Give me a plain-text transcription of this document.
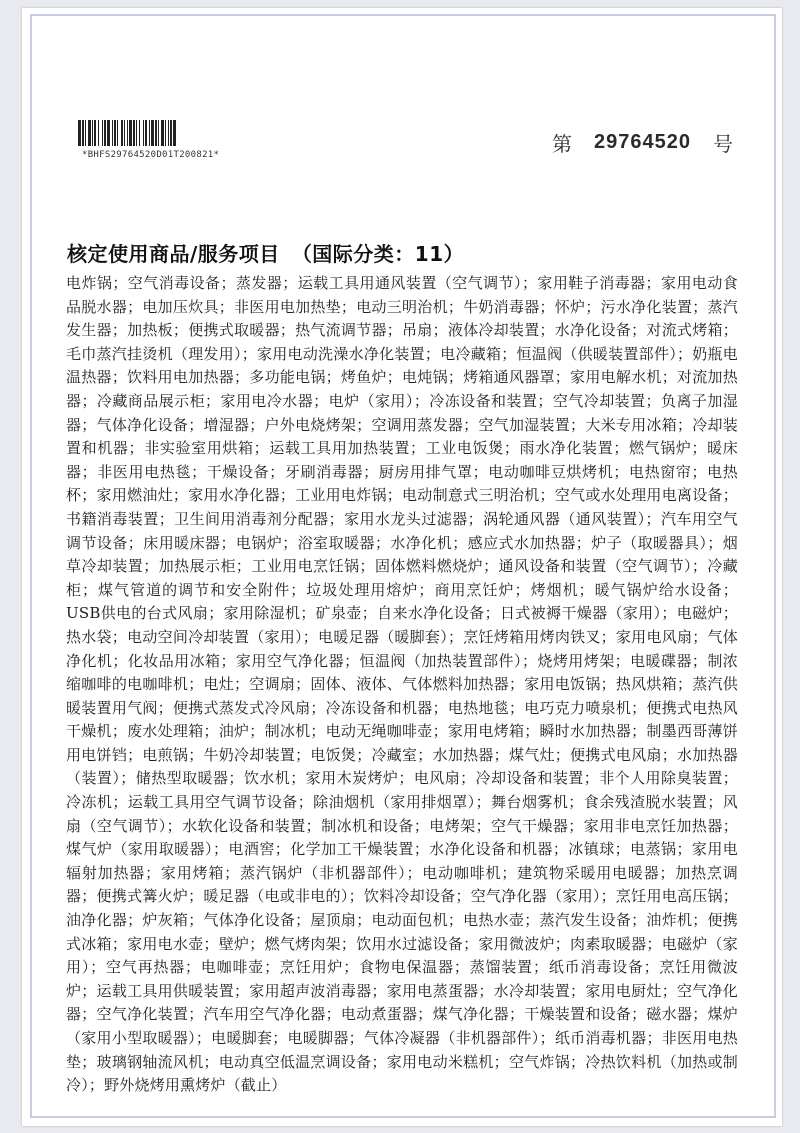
*BHFS29764520D01T200821*	第 29764520 号
核定使用商品/服务项目 （国际分类：11）
电炸锅；空气消毒设备；蒸发器；运载工具用通风装置（空气调节）；家用鞋子消毒器；家用电动食品脱水器；电加压炊具；非医用电加热垫；电动三明治机；牛奶消毒器；怀炉；污水净化装置；蒸汽发生器；加热板；便携式取暖器；热气流调节器；吊扇；液体冷却装置；水净化设备；对流式烤箱；毛巾蒸汽挂烫机（理发用）；家用电动洗澡水净化装置；电冷藏箱；恒温阀（供暖装置部件）；奶瓶电温热器；饮料用电加热器；多功能电锅；烤鱼炉；电炖锅；烤箱通风器罩；家用电解水机；对流加热器；冷藏商品展示柜；家用电冷水器；电炉（家用）；冷冻设备和装置；空气冷却装置；负离子加湿器；气体净化设备；增湿器；户外电烧烤架；空调用蒸发器；空气加湿装置；大米专用冰箱；冷却装置和机器；非实验室用烘箱；运载工具用加热装置；工业电饭煲；雨水净化装置；燃气锅炉；暖床器；非医用电热毯；干燥设备；牙刷消毒器；厨房用排气罩；电动咖啡豆烘烤机；电热窗帘；电热杯；家用燃油灶；家用水净化器；工业用电炸锅；电动制意式三明治机；空气或水处理用电离设备；书籍消毒装置；卫生间用消毒剂分配器；家用水龙头过滤器；涡轮通风器（通风装置）；汽车用空气调节设备；床用暖床器；电锅炉；浴室取暖器；水净化机；感应式水加热器；炉子（取暖器具）；烟草冷却装置；加热展示柜；工业用电烹饪锅；固体燃料燃烧炉；通风设备和装置（空气调节）；冷藏柜；煤气管道的调节和安全附件；垃圾处理用熔炉；商用烹饪炉；烤烟机；暖气锅炉给水设备；USB供电的台式风扇；家用除湿机；矿泉壶；自来水净化设备；日式被褥干燥器（家用）；电磁炉；热水袋；电动空间冷却装置（家用）；电暖足器（暖脚套）；烹饪烤箱用烤肉铁叉；家用电风扇；气体净化机；化妆品用冰箱；家用空气净化器；恒温阀（加热装置部件）；烧烤用烤架；电暖碟器；制浓缩咖啡的电咖啡机；电灶；空调扇；固体、液体、气体燃料加热器；家用电饭锅；热风烘箱；蒸汽供暖装置用气阀；便携式蒸发式冷风扇；冷冻设备和机器；电热地毯；电巧克力喷泉机；便携式电热风干燥机；废水处理箱；油炉；制冰机；电动无绳咖啡壶；家用电烤箱；瞬时水加热器；制墨西哥薄饼用电饼铛；电煎锅；牛奶冷却装置；电饭煲；冷藏室；水加热器；煤气灶；便携式电风扇；水加热器（装置）；储热型取暖器；饮水机；家用木炭烤炉；电风扇；冷却设备和装置；非个人用除臭装置；冷冻机；运载工具用空气调节设备；除油烟机（家用排烟罩）；舞台烟雾机；食余残渣脱水装置；风扇（空气调节）；水软化设备和装置；制冰机和设备；电烤架；空气干燥器；家用非电烹饪加热器；煤气炉（家用取暖器）；电酒窖；化学加工干燥装置；水净化设备和机器；冰镇球；电蒸锅；家用电辐射加热器；家用烤箱；蒸汽锅炉（非机器部件）；电动咖啡机；建筑物采暖用电暖器；加热烹调器；便携式篝火炉；暖足器（电或非电的）；饮料冷却设备；空气净化器（家用）；烹饪用电高压锅；油净化器；炉灰箱；气体净化设备；屋顶扇；电动面包机；电热水壶；蒸汽发生设备；油炸机；便携式冰箱；家用电水壶；壁炉；燃气烤肉架；饮用水过滤设备；家用微波炉；肉素取暖器；电磁炉（家用）；空气再热器；电咖啡壶；烹饪用炉；食物电保温器；蒸馏装置；纸币消毒设备；烹饪用微波炉；运载工具用供暖装置；家用超声波消毒器；家用电蒸蛋器；水冷却装置；家用电厨灶；空气净化器；空气净化装置；汽车用空气净化器；电动煮蛋器；煤气净化器；干燥装置和设备；磁水器；煤炉（家用小型取暖器）；电暖脚套；电暖脚器；气体冷凝器（非机器部件）；纸币消毒机器；非医用电热垫；玻璃钢轴流风机；电动真空低温烹调设备；家用电动米糕机；空气炸锅；冷热饮料机（加热或制冷）；野外烧烤用熏烤炉（截止）
